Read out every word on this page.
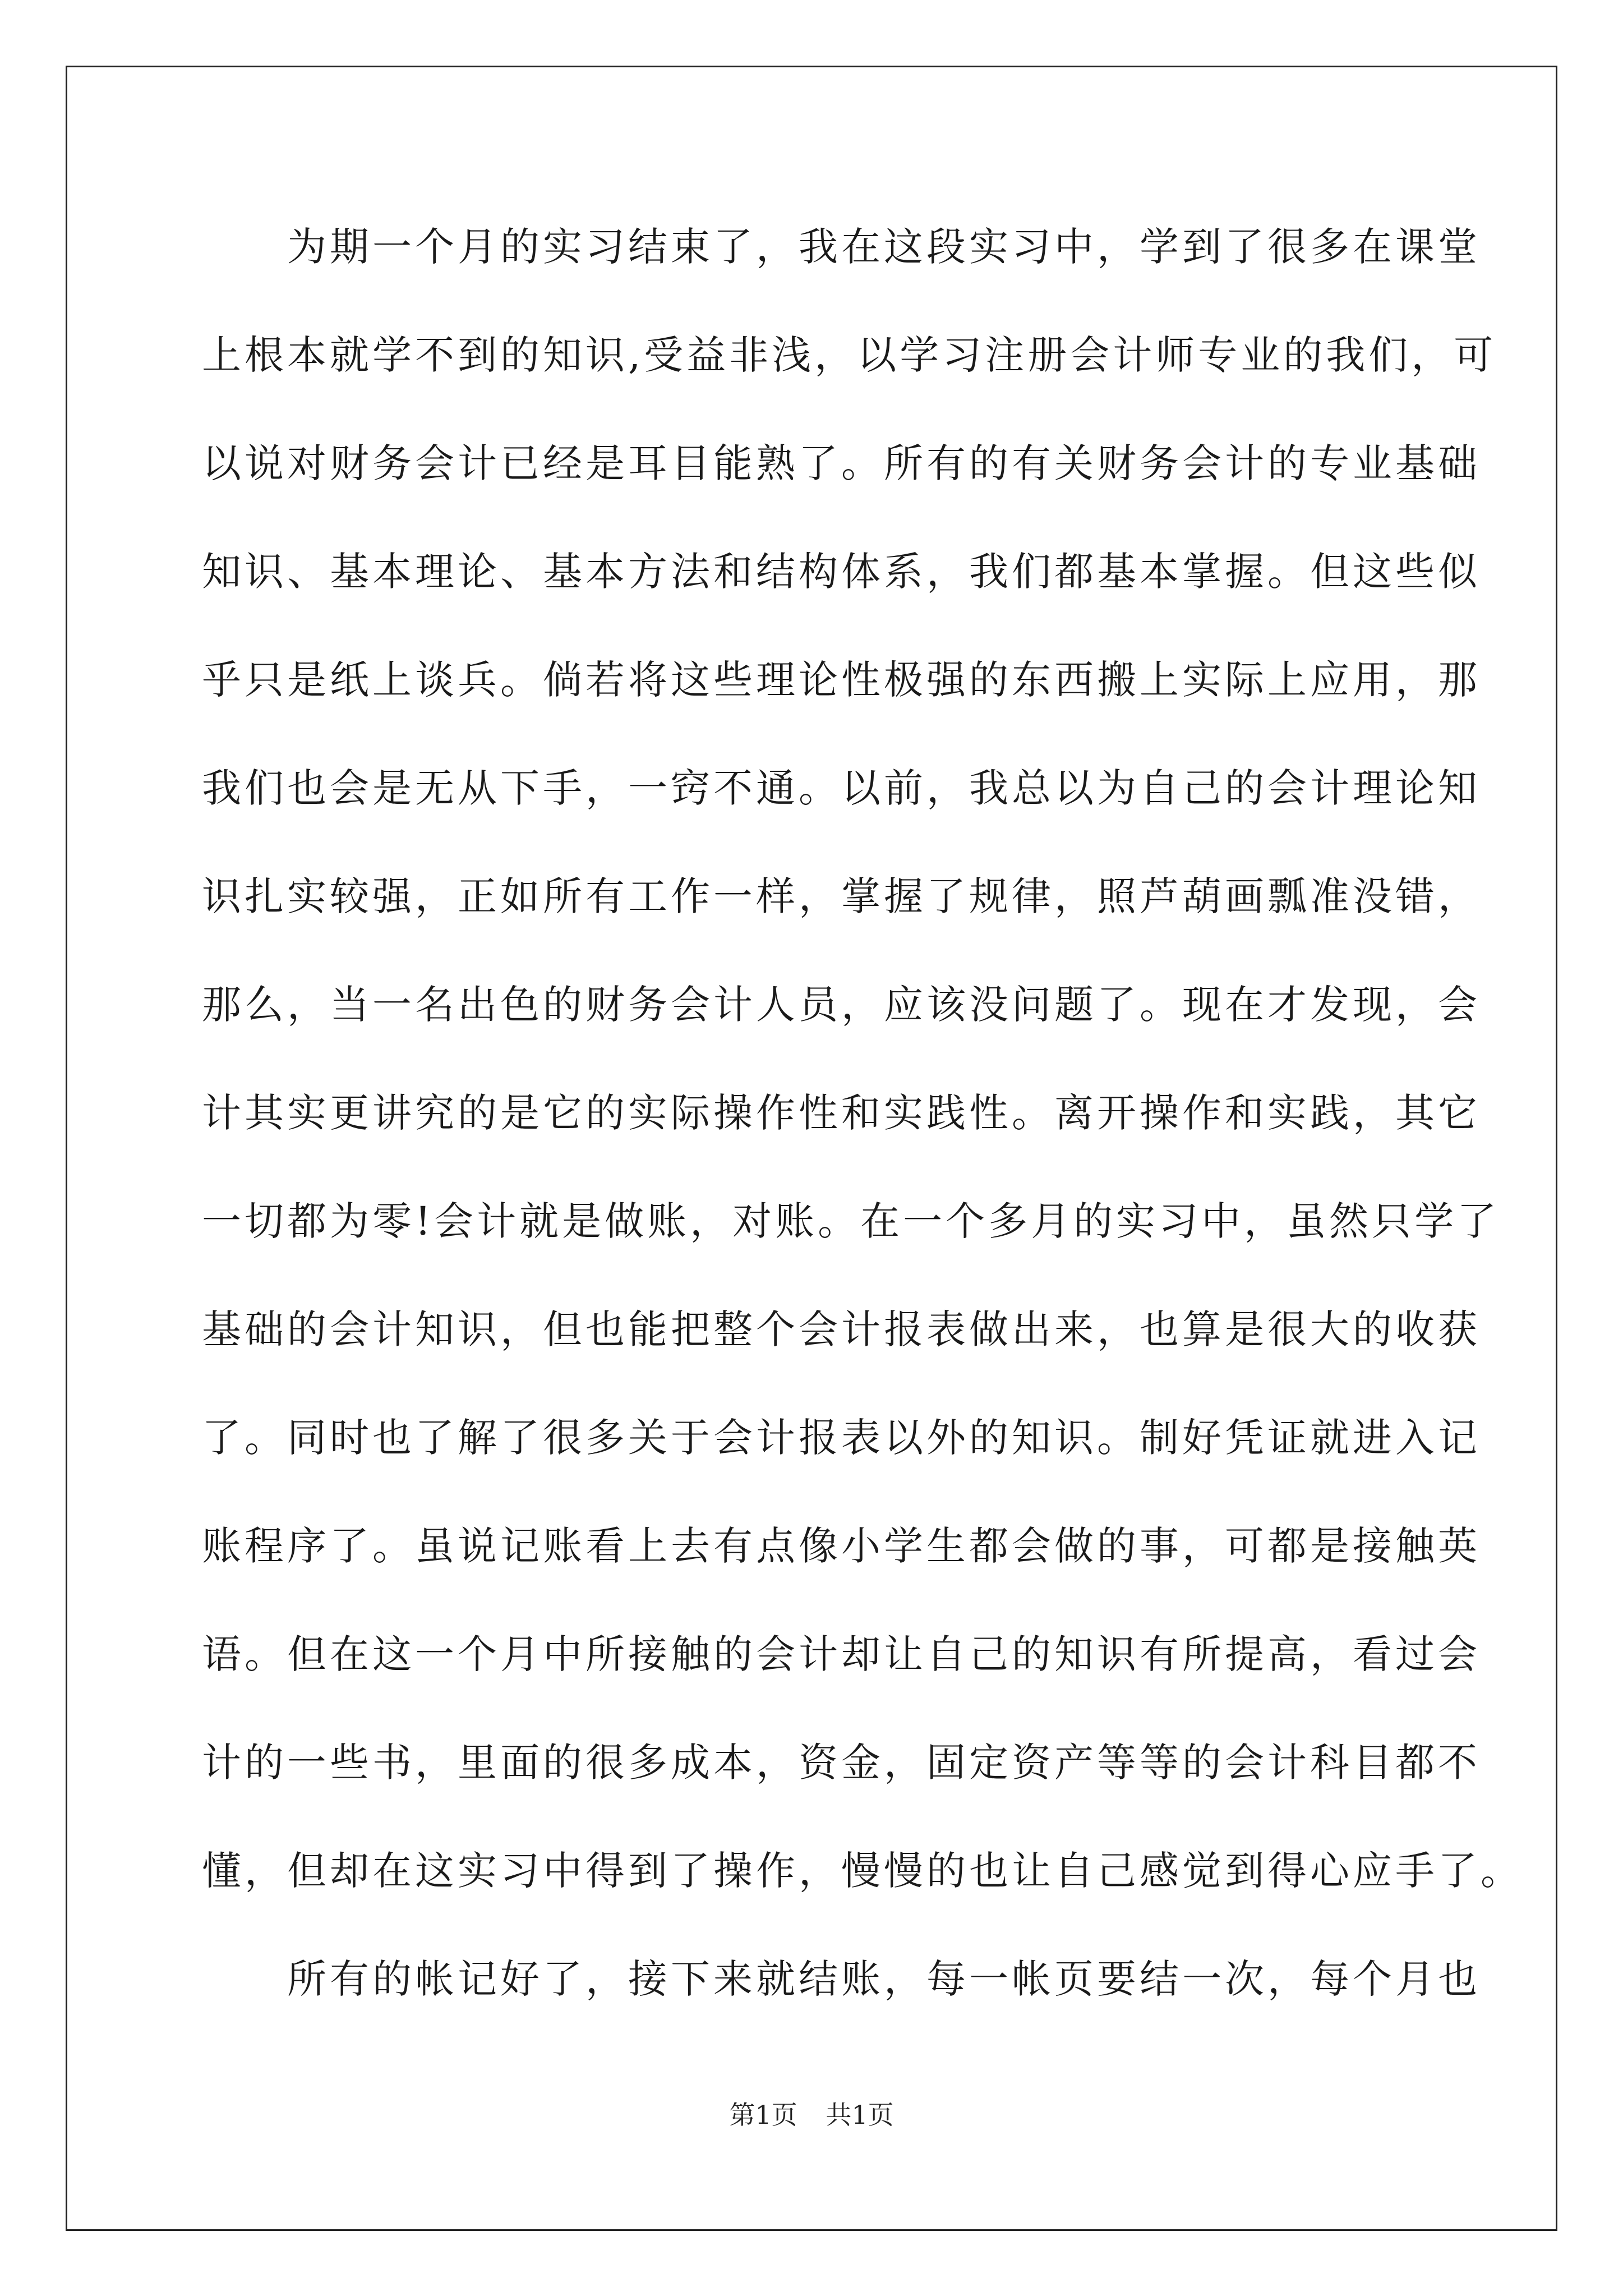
　　为期一个月的实习结束了，我在这段实习中，学到了很多在课堂
上根本就学不到的知识,受益非浅，以学习注册会计师专业的我们，可
以说对财务会计已经是耳目能熟了。所有的有关财务会计的专业基础
知识、基本理论、基本方法和结构体系，我们都基本掌握。但这些似
乎只是纸上谈兵。倘若将这些理论性极强的东西搬上实际上应用，那
我们也会是无从下手，一窍不通。以前，我总以为自己的会计理论知
识扎实较强，正如所有工作一样，掌握了规律，照芦葫画瓢准没错，
那么，当一名出色的财务会计人员，应该没问题了。现在才发现，会
计其实更讲究的是它的实际操作性和实践性。离开操作和实践，其它
一切都为零!会计就是做账，对账。在一个多月的实习中，虽然只学了
基础的会计知识，但也能把整个会计报表做出来，也算是很大的收获
了。同时也了解了很多关于会计报表以外的知识。制好凭证就进入记
账程序了。虽说记账看上去有点像小学生都会做的事，可都是接触英
语。但在这一个月中所接触的会计却让自己的知识有所提高，看过会
计的一些书，里面的很多成本，资金，固定资产等等的会计科目都不
懂，但却在这实习中得到了操作，慢慢的也让自己感觉到得心应手了。
　　所有的帐记好了，接下来就结账，每一帐页要结一次，每个月也
第1页 共1页
